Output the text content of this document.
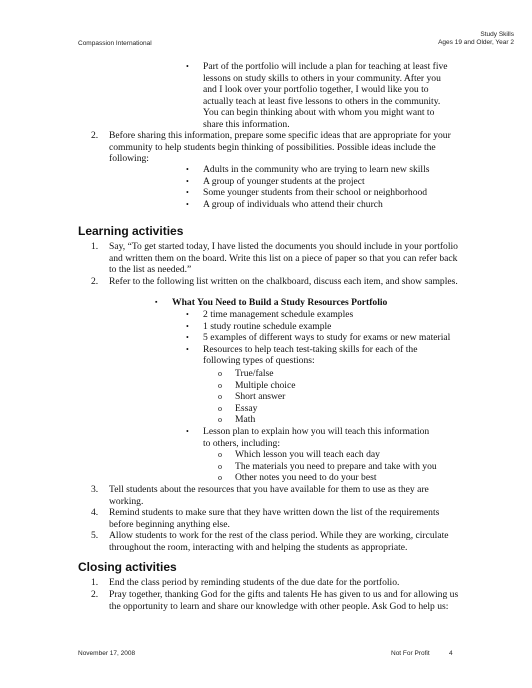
Compassion International
Study Skills
Ages 19 and Older, Year 2
• Part of the portfolio will include a plan for teaching at least five lessons on study skills to others in your community. After you and I look over your portfolio together, I would like you to actually teach at least five lessons to others in the community. You can begin thinking about with whom you might want to share this information.
2. Before sharing this information, prepare some specific ideas that are appropriate for your community to help students begin thinking of possibilities. Possible ideas include the following:
• Adults in the community who are trying to learn new skills
• A group of younger students at the project
• Some younger students from their school or neighborhood
• A group of individuals who attend their church
Learning activities
1. Say, “To get started today, I have listed the documents you should include in your portfolio and written them on the board. Write this list on a piece of paper so that you can refer back to the list as needed.”
2. Refer to the following list written on the chalkboard, discuss each item, and show samples.
▪ What You Need to Build a Study Resources Portfolio
• 2 time management schedule examples
• 1 study routine schedule example
• 5 examples of different ways to study for exams or new material
• Resources to help teach test-taking skills for each of the following types of questions:
o True/false
o Multiple choice
o Short answer
o Essay
o Math
• Lesson plan to explain how you will teach this information to others, including:
o Which lesson you will teach each day
o The materials you need to prepare and take with you
o Other notes you need to do your best
3. Tell students about the resources that you have available for them to use as they are working.
4. Remind students to make sure that they have written down the list of the requirements before beginning anything else.
5. Allow students to work for the rest of the class period. While they are working, circulate throughout the room, interacting with and helping the students as appropriate.
Closing activities
1. End the class period by reminding students of the due date for the portfolio.
2. Pray together, thanking God for the gifts and talents He has given to us and for allowing us the opportunity to learn and share our knowledge with other people. Ask God to help us:
November 17, 2008	Not For Profit	4
